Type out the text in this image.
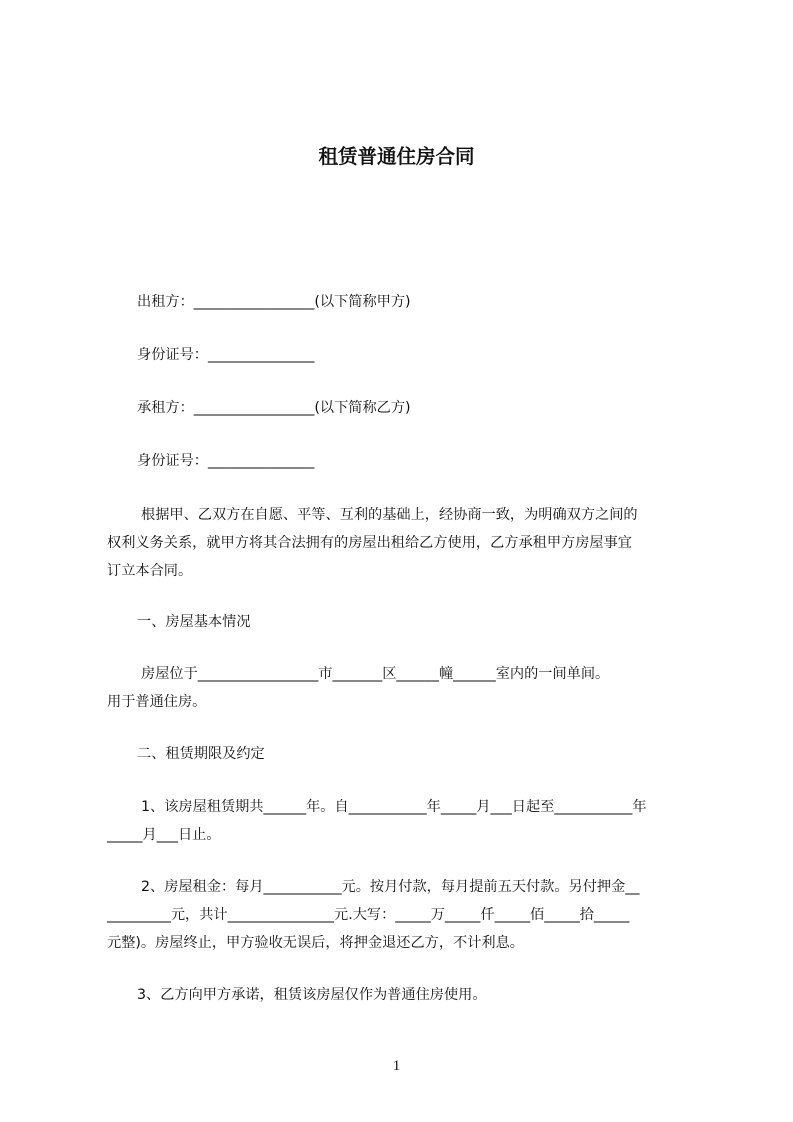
租赁普通住房合同

出租方：_________________(以下简称甲方)

身份证号：_______________

承租方：_________________(以下简称乙方)

身份证号：_______________

根据甲、乙双方在自愿、平等、互利的基础上，经协商一致，为明确双方之间的

权利义务关系，就甲方将其合法拥有的房屋出租给乙方使用，乙方承租甲方房屋事宜

订立本合同。

一、房屋基本情况

房屋位于_________________市_______区______幢______室内的一间单间。

用于普通住房。

二、租赁期限及约定

1、该房屋租赁期共______年。自___________年_____月___日起至___________年

_____月___日止。

2、房屋租金：每月___________元。按月付款，每月提前五天付款。另付押金__

_________元，共计_______________元.大写：_____万_____仟_____佰_____拾_____

元整)。房屋终止，甲方验收无误后，将押金退还乙方，不计利息。

3、乙方向甲方承诺，租赁该房屋仅作为普通住房使用。

1
